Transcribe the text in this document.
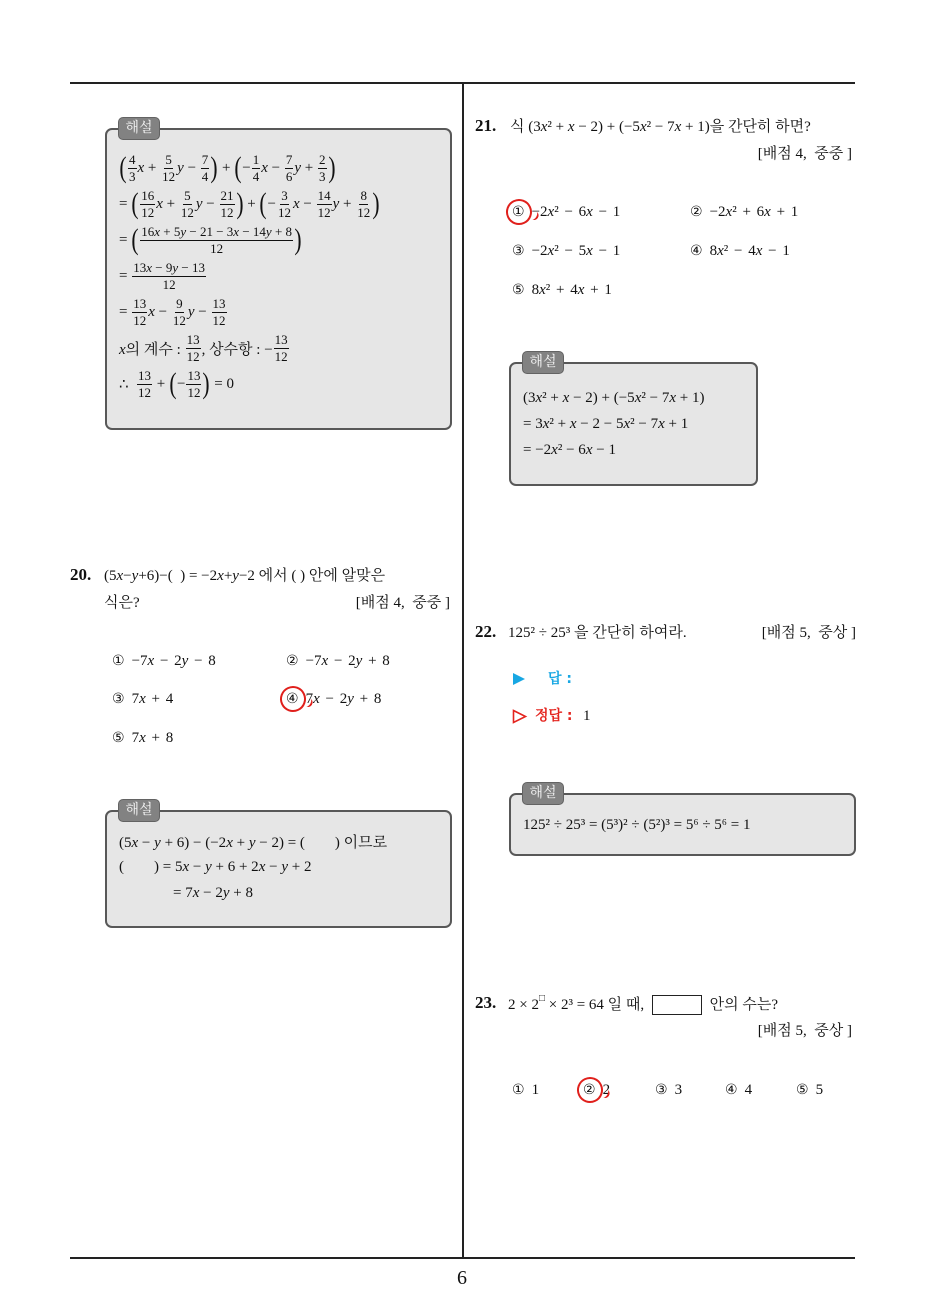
6
해설
( $\frac{4}{3}$ $x + \frac{5}{12}$ $y - \frac{7}{4}$ ) + ( − $\frac{1}{4}$ $x - \frac{7}{6}$ $y + \frac{2}{3}$ )
= ( $\frac{16}{12}$ $x + \frac{5}{12}$ $y - \frac{21}{12}$ ) + ( − $\frac{3}{12}$ $x - \frac{14}{12}$ $y + \frac{8}{12}$ )
= ( $\frac{16x + 5y - 21 - 3x - 14y + 8}{12}$ )
= $\frac{13x - 9y - 13}{12}$
= $\frac{13}{12}$ $x - \frac{9}{12}$ $y - \frac{13}{12}$
x의 계수 : $\frac{13}{12}$ , 상수항 : − $\frac{13}{12}$
∴ $\frac{13}{12}$ + ( − $\frac{13}{12}$ ) = 0
20. (5x−y+6)−(  ) = −2x+y−2 에서 ( ) 안에 알맞은
식은?	[배점 4,  중중 ]
① −7x − 2y − 8	② −7x − 2y + 8
③ 7x + 4	④ 7x − 2y + 8
⑤ 7x + 8
해설
(5x − y + 6) − (−2x + y − 2) = (        ) 이므로
(        ) = 5x − y + 6 + 2x − y + 2
= 7x − 2y + 8
21. 식 (3x² + x − 2) + (−5x² − 7x + 1)을 간단히 하면?
[배점 4,  중중 ]
① −2x² − 6x − 1	② −2x² + 6x + 1
③ −2x² − 5x − 1	④ 8x² − 4x − 1
⑤ 8x² + 4x + 1
해설
(3x² + x − 2) + (−5x² − 7x + 1)
= 3x² + x − 2 − 5x² − 7x + 1
= −2x² − 6x − 1
22. 125² ÷ 25³ 을 간단히 하여라.	[배점 5,  중상 ]
답 :
정답 : 1
해설
125² ÷ 25³ = (5³)² ÷ (5²)³ = 5⁶ ÷ 5⁶ = 1
23. 2 × 2 □ × 2³ = 64 일 때,	안의 수는?
[배점 5,  중상 ]
① 1	② 2	③ 3	④ 4	⑤ 5
